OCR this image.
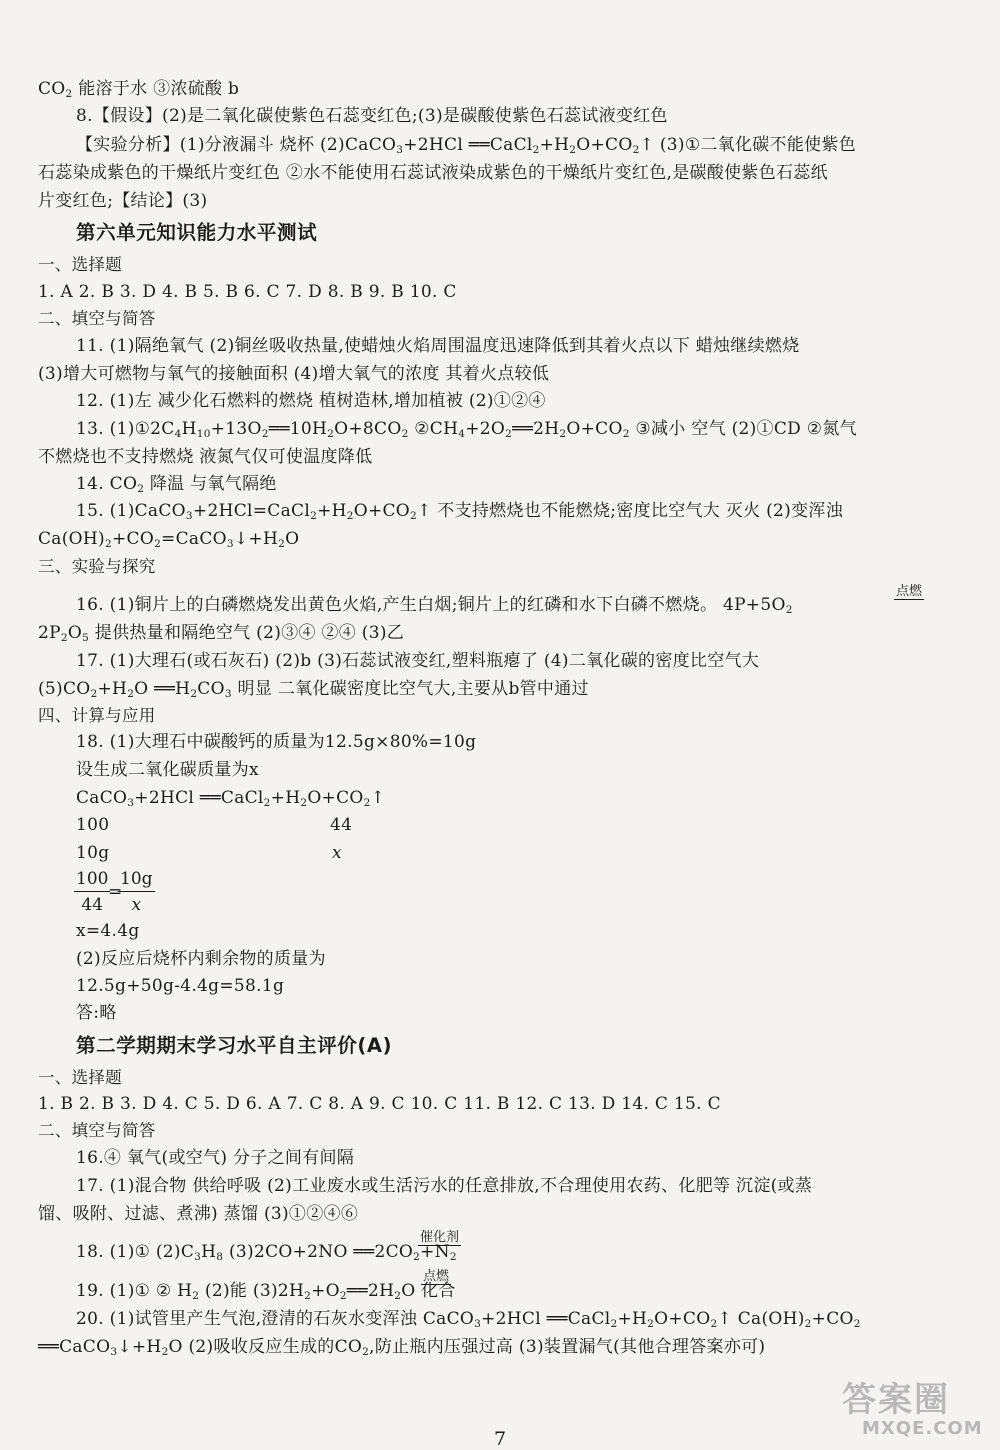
$CO_2$ 能溶于水 ③浓硫酸 b
8.【假设】(2)是二氧化碳使紫色石蕊变红色;(3)是碳酸使紫色石蕊试液变红色
【实验分析】(1)分液漏斗 烧杯 (2)CaCO$_3$+2HCl $══CaCl_2+H_2O+CO_2↑$ (3)①二氧化碳不能使紫色
石蕊染成紫色的干燥纸片变红色 ②水不能使用石蕊试液染成紫色的干燥纸片变红色,是碳酸使紫色石蕊纸
片变红色;【结论】(3)
第六单元知识能力水平测试
一、选择题
1. A 2. B 3. D 4. B 5. B 6. C 7. D 8. B 9. B 10. C
二、填空与简答
11. (1)隔绝氧气 (2)铜丝吸收热量,使蜡烛火焰周围温度迅速降低到其着火点以下 蜡烛继续燃烧
(3)增大可燃物与氧气的接触面积 (4)增大氧气的浓度 其着火点较低
12. (1)左 减少化石燃料的燃烧 植树造林,增加植被 (2)①②④
13. $(1)①2C_4H_{10}+13O_2══10H_2O+8CO_2$ $②CH_4+2O_2══2H_2O+CO_2$ ③减小 空气 (2)①CD ②氮气
不燃烧也不支持燃烧 液氮气仅可使温度降低
14. $CO_2$ 降温 与氧气隔绝
15. $(1)CaCO_3+2HCl=CaCl_2+H_2O+CO_2↑$ 不支持燃烧也不能燃烧;密度比空气大 灭火 (2)变浑浊
$Ca(OH)_2+CO_2=CaCO_3↓+H_2O$
三、实验与探究
16. (1)铜片上的白磷燃烧发出黄色火焰,产生白烟;铜片上的红磷和水下白磷不燃烧。 $4P+5O_2$
点燃
$2P_2O_5$ 提供热量和隔绝空气 (2)③④ ②④ (3)乙
17. (1)大理石(或石灰石) (2)b (3)石蕊试液变红,塑料瓶瘪了 (4)二氧化碳的密度比空气大
$(5)CO_2+H_2O$ $══H_2CO_3$ 明显 二氧化碳密度比空气大,主要从b管中通过
四、计算与应用
18. (1)大理石中碳酸钙的质量为12.5g×80%=10g
设生成二氧化碳质量为x
CaCO$_3$+2HCl $══CaCl_2+H_2O+CO_2↑$
100	44
10g	x
$\frac{100}{44}$
=
$\frac{10g}{x}$
x=4.4g
(2)反应后烧杯内剩余物的质量为
12.5g+50g-4.4g=58.1g
答:略
第二学期期末学习水平自主评价(A)
一、选择题
1. B 2. B 3. D 4. C 5. D 6. A 7. C 8. A 9. C 10. C 11. B 12. C 13. D 14. C 15. C
二、填空与简答
16.④ 氧气(或空气) 分子之间有间隔
17. (1)混合物 供给呼吸 (2)工业废水或生活污水的任意排放,不合理使用农药、化肥等 沉淀(或蒸
馏、吸附、过滤、煮沸) 蒸馏 (3)①②④⑥
18. (1)① $(2)C_3H_8$ (3)2CO+2NO $══2CO_2+N_2$
催化剂
19. (1)① ② $H_2$ (2)能 $(3)2H_2+O_2══2H_2O$ 化合
点燃
20. (1)试管里产生气泡,澄清的石灰水变浑浊 CaCO$_3$+2HCl $══CaCl_2+H_2O+CO_2↑$ $Ca(OH)_2+CO_2$
$══CaCO_3↓+H_2O$ (2)吸收反应生成的$CO_2$,防止瓶内压强过高 (3)装置漏气(其他合理答案亦可)
7
答案圈
MXQE.COM
